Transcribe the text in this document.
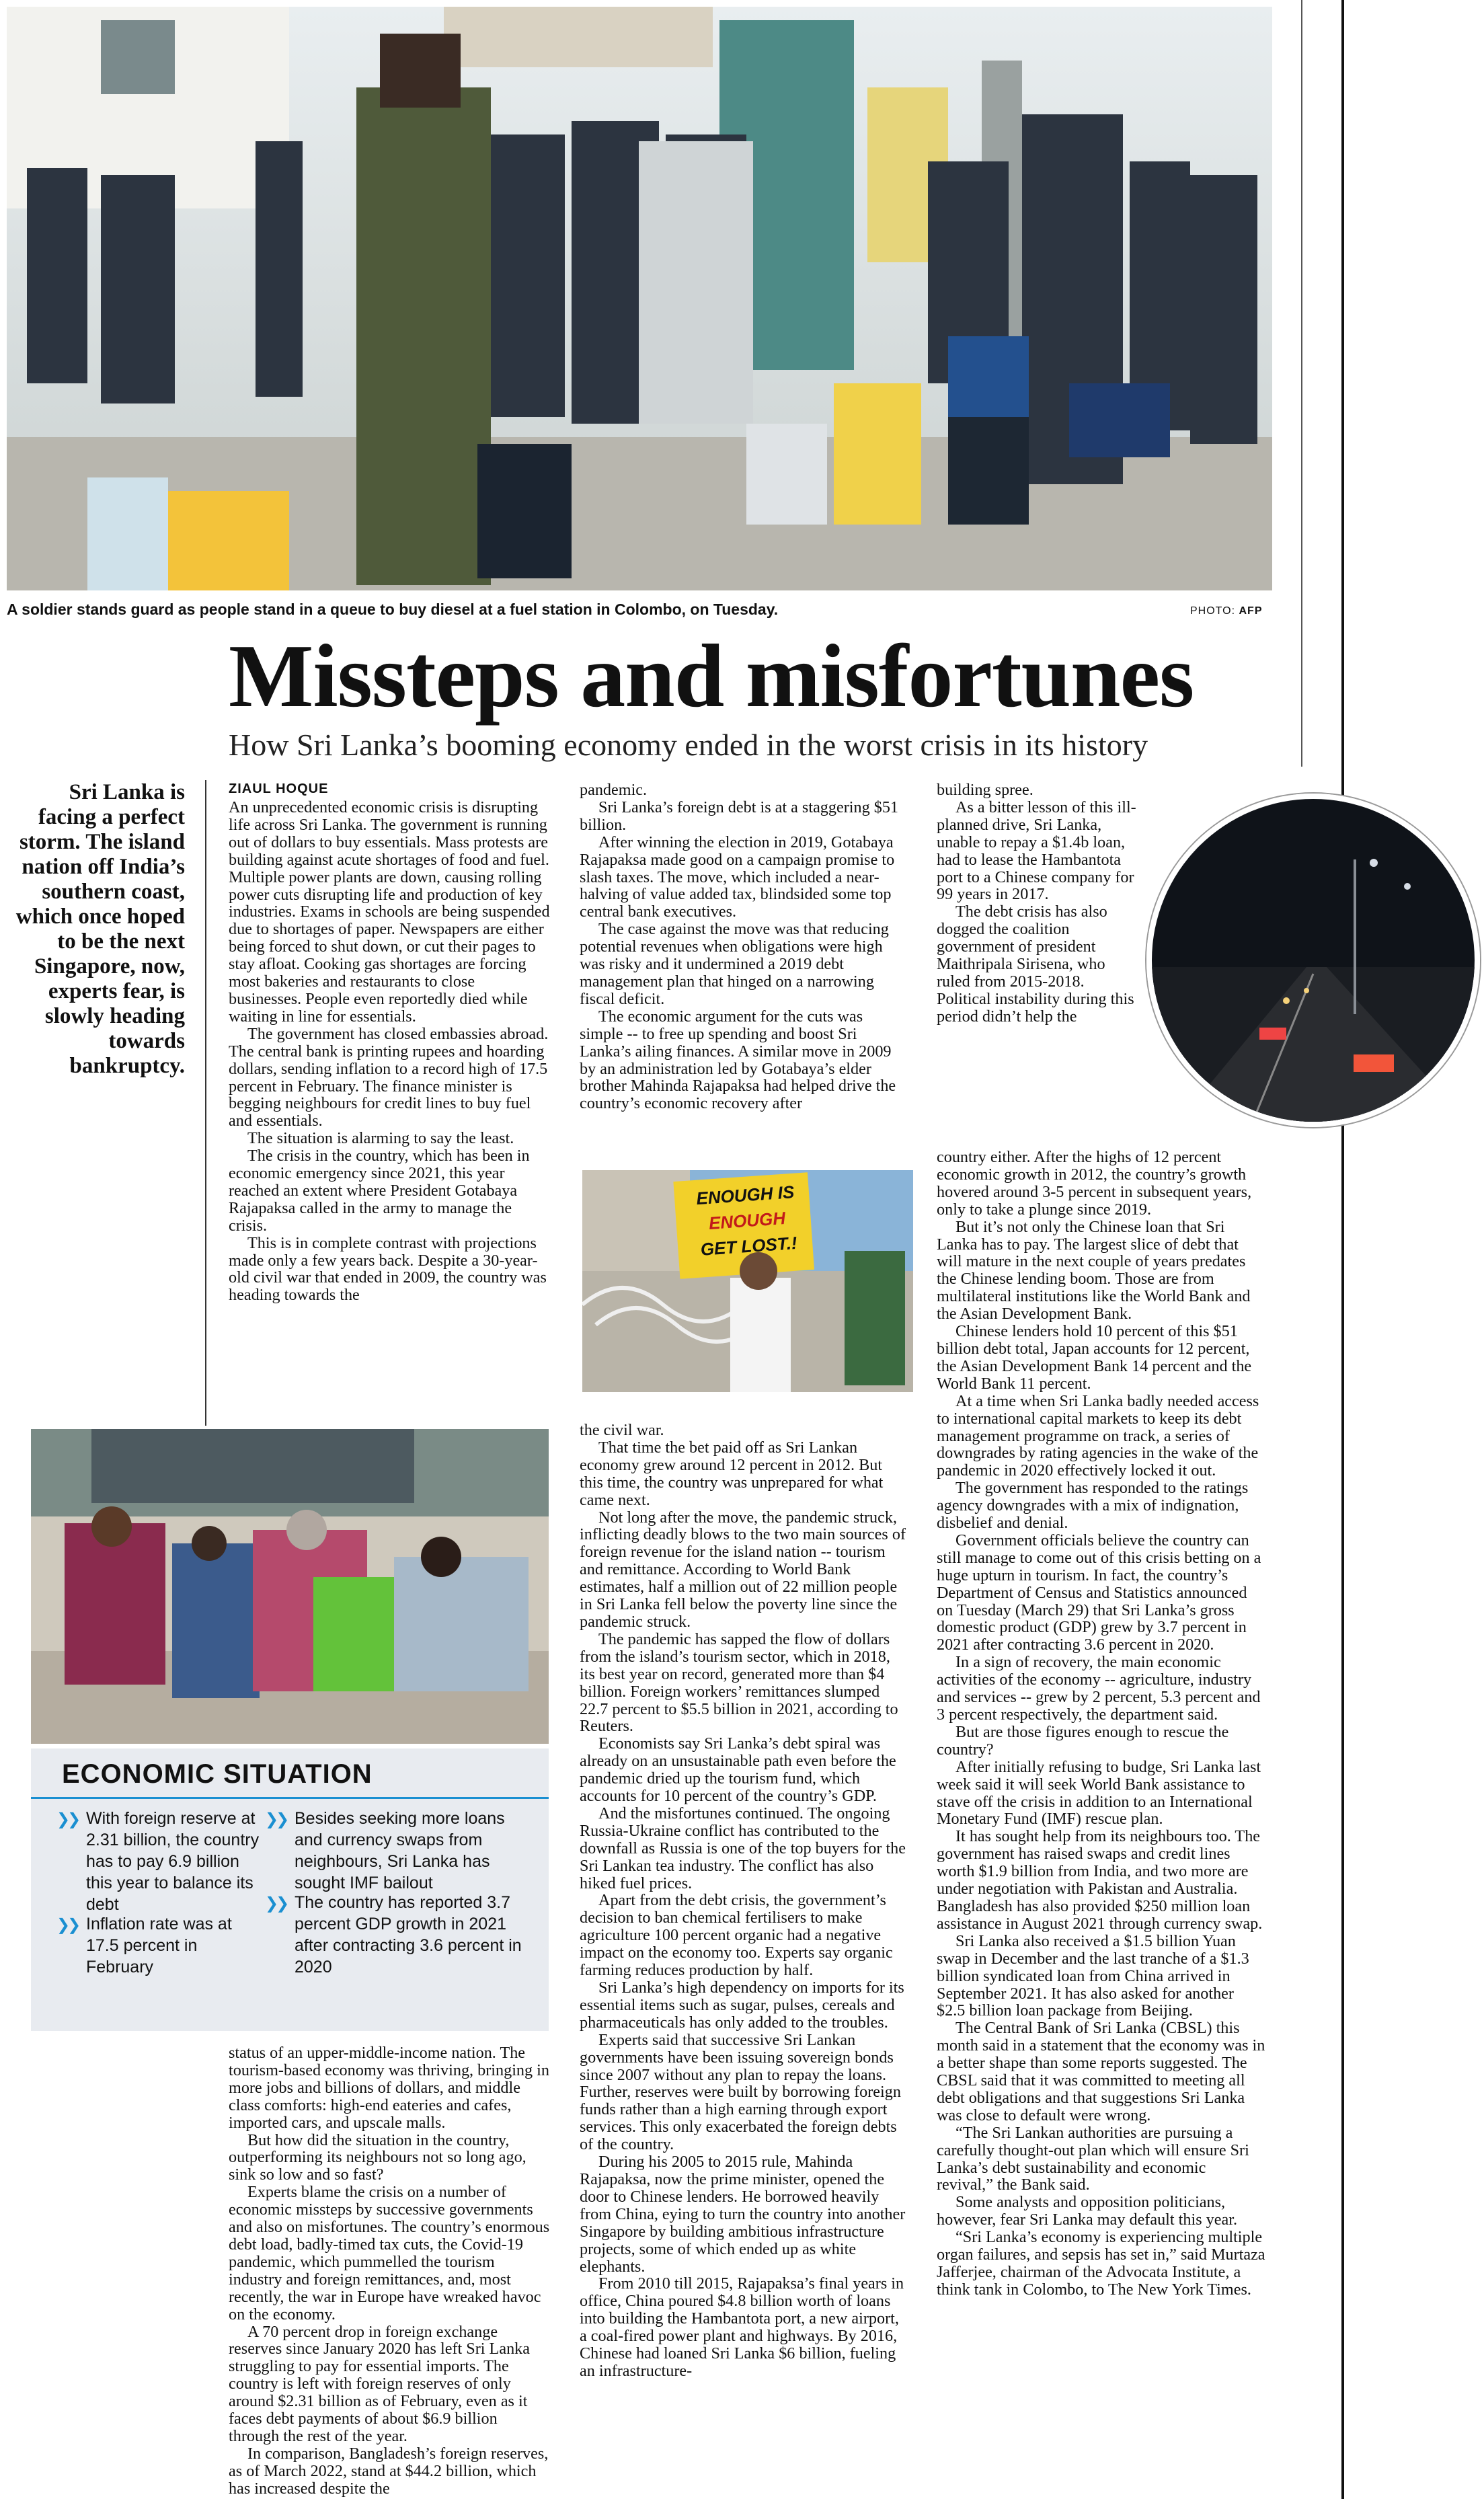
A soldier stands guard as people stand in a queue to buy diesel at a fuel station in Colombo, on Tuesday.	PHOTO: AFP
Missteps and misfortunes
How Sri Lanka’s booming economy ended in the worst crisis in its history
Sri Lanka is facing a perfect storm. The island nation off India’s southern coast, which once hoped to be the next Singapore, now, experts fear, is slowly heading towards bankruptcy.
ZIAUL HOQUE

An unprecedented economic crisis is disrupting life across Sri Lanka. The government is running out of dollars to buy essentials. Mass protests are building against acute shortages of food and fuel. Multiple power plants are down, causing rolling power cuts disrupting life and production of key industries. Exams in schools are being suspended due to shortages of paper. Newspapers are either being forced to shut down, or cut their pages to stay afloat. Cooking gas shortages are forcing most bakeries and restaurants to close businesses. People even reportedly died while waiting in line for essentials.

The government has closed embassies abroad. The central bank is printing rupees and hoarding dollars, sending inflation to a record high of 17.5 percent in February. The finance minister is begging neighbours for credit lines to buy fuel and essentials.

The situation is alarming to say the least.

The crisis in the country, which has been in economic emergency since 2021, this year reached an extent where President Gotabaya Rajapaksa called in the army to manage the crisis.

This is in complete contrast with projections made only a few years back. Despite a 30-year-old civil war that ended in 2009, the country was heading towards the

pandemic.

Sri Lanka’s foreign debt is at a staggering $51 billion.

After winning the election in 2019, Gotabaya Rajapaksa made good on a campaign promise to slash taxes. The move, which included a near-halving of value added tax, blindsided some top central bank executives.

The case against the move was that reducing potential revenues when obligations were high was risky and it undermined a 2019 debt management plan that hinged on a narrowing fiscal deficit.

The economic argument for the cuts was simple -- to free up spending and boost Sri Lanka’s ailing finances. A similar move in 2009 by an administration led by Gotabaya’s elder brother Mahinda Rajapaksa had helped drive the country’s economic recovery after

ENOUGH IS
ENOUGH
GET LOST.!

the civil war.

That time the bet paid off as Sri Lankan economy grew around 12 percent in 2012. But this time, the country was unprepared for what came next.

Not long after the move, the pandemic struck, inflicting deadly blows to the two main sources of foreign revenue for the island nation -- tourism and remittance. According to World Bank estimates, half a million out of 22 million people in Sri Lanka fell below the poverty line since the pandemic struck.

The pandemic has sapped the flow of dollars from the island’s tourism sector, which in 2018, its best year on record, generated more than $4 billion. Foreign workers’ remittances slumped 22.7 percent to $5.5 billion in 2021, according to Reuters.

Economists say Sri Lanka’s debt spiral was already on an unsustainable path even before the pandemic dried up the tourism fund, which accounts for 10 percent of the country’s GDP.

And the misfortunes continued. The ongoing Russia-Ukraine conflict has contributed to the downfall as Russia is one of the top buyers for the Sri Lankan tea industry. The conflict has also hiked fuel prices.

Apart from the debt crisis, the government’s decision to ban chemical fertilisers to make agriculture 100 percent organic had a negative impact on the economy too. Experts say organic farming reduces production by half.

Sri Lanka’s high dependency on imports for its essential items such as sugar, pulses, cereals and pharmaceuticals has only added to the troubles.

Experts said that successive Sri Lankan governments have been issuing sovereign bonds since 2007 without any plan to repay the loans. Further, reserves were built by borrowing foreign funds rather than a high earning through export services. This only exacerbated the foreign debts of the country.

During his 2005 to 2015 rule, Mahinda Rajapaksa, now the prime minister, opened the door to Chinese lenders. He borrowed heavily from China, eying to turn the country into another Singapore by building ambitious infrastructure projects, some of which ended up as white elephants.

From 2010 till 2015, Rajapaksa’s final years in office, China poured $4.8 billion worth of loans into building the Hambantota port, a new airport, a coal-fired power plant and highways. By 2016, Chinese had loaned Sri Lanka $6 billion, fueling an infrastructure-

building spree.

As a bitter lesson of this ill-planned drive, Sri Lanka, unable to repay a $1.4b loan, had to lease the Hambantota port to a Chinese company for 99 years in 2017.

The debt crisis has also dogged the coalition government of president Maithripala Sirisena, who ruled from 2015-2018. Political instability during this period didn’t help the

country either. After the highs of 12 percent economic growth in 2012, the country’s growth hovered around 3-5 percent in subsequent years, only to take a plunge since 2019.

But it’s not only the Chinese loan that Sri Lanka has to pay. The largest slice of debt that will mature in the next couple of years predates the Chinese lending boom. Those are from multilateral institutions like the World Bank and the Asian Development Bank.

Chinese lenders hold 10 percent of this $51 billion debt total, Japan accounts for 12 percent, the Asian Development Bank 14 percent and the World Bank 11 percent.

At a time when Sri Lanka badly needed access to international capital markets to keep its debt management programme on track, a series of downgrades by rating agencies in the wake of the pandemic in 2020 effectively locked it out.

The government has responded to the ratings agency downgrades with a mix of indignation, disbelief and denial.

Government officials believe the country can still manage to come out of this crisis betting on a huge upturn in tourism. In fact, the country’s Department of Census and Statistics announced on Tuesday (March 29) that Sri Lanka’s gross domestic product (GDP) grew by 3.7 percent in 2021 after contracting 3.6 percent in 2020.

In a sign of recovery, the main economic activities of the economy -- agriculture, industry and services -- grew by 2 percent, 5.3 percent and 3 percent respectively, the department said.

But are those figures enough to rescue the country?

After initially refusing to budge, Sri Lanka last week said it will seek World Bank assistance to stave off the crisis in addition to an International Monetary Fund (IMF) rescue plan.

It has sought help from its neighbours too. The government has raised swaps and credit lines worth $1.9 billion from India, and two more are under negotiation with Pakistan and Australia. Bangladesh has also provided $250 million loan assistance in August 2021 through currency swap.

Sri Lanka also received a $1.5 billion Yuan swap in December and the last tranche of a $1.3 billion syndicated loan from China arrived in September 2021. It has also asked for another $2.5 billion loan package from Beijing.

The Central Bank of Sri Lanka (CBSL) this month said in a statement that the economy was in a better shape than some reports suggested. The CBSL said that it was committed to meeting all debt obligations and that suggestions Sri Lanka was close to default were wrong.

“The Sri Lankan authorities are pursuing a carefully thought-out plan which will ensure Sri Lanka’s debt sustainability and economic revival,” the Bank said.

Some analysts and opposition politicians, however, fear Sri Lanka may default this year.

“Sri Lanka’s economy is experiencing multiple organ failures, and sepsis has set in,” said Murtaza Jafferjee, chairman of the Advocata Institute, a think tank in Colombo, to The New York Times.

ECONOMIC SITUATION
❯❯ With foreign reserve at 2.31 billion, the country has to pay 6.9 billion this year to balance its debt
❯❯ Besides seeking more loans and currency swaps from neighbours, Sri Lanka has sought IMF bailout
❯❯ Inflation rate was at 17.5 percent in February
❯❯ The country has reported 3.7 percent GDP growth in 2021 after contracting 3.6 percent in 2020

status of an upper-middle-income nation. The tourism-based economy was thriving, bringing in more jobs and billions of dollars, and middle class comforts: high-end eateries and cafes, imported cars, and upscale malls.

But how did the situation in the country, outperforming its neighbours not so long ago, sink so low and so fast?

Experts blame the crisis on a number of economic missteps by successive governments and also on misfortunes. The country’s enormous debt load, badly-timed tax cuts, the Covid-19 pandemic, which pummelled the tourism industry and foreign remittances, and, most recently, the war in Europe have wreaked havoc on the economy.

A 70 percent drop in foreign exchange reserves since January 2020 has left Sri Lanka struggling to pay for essential imports. The country is left with foreign reserves of only around $2.31 billion as of February, even as it faces debt payments of about $6.9 billion through the rest of the year.

In comparison, Bangladesh’s foreign reserves, as of March 2022, stand at $44.2 billion, which has increased despite the
